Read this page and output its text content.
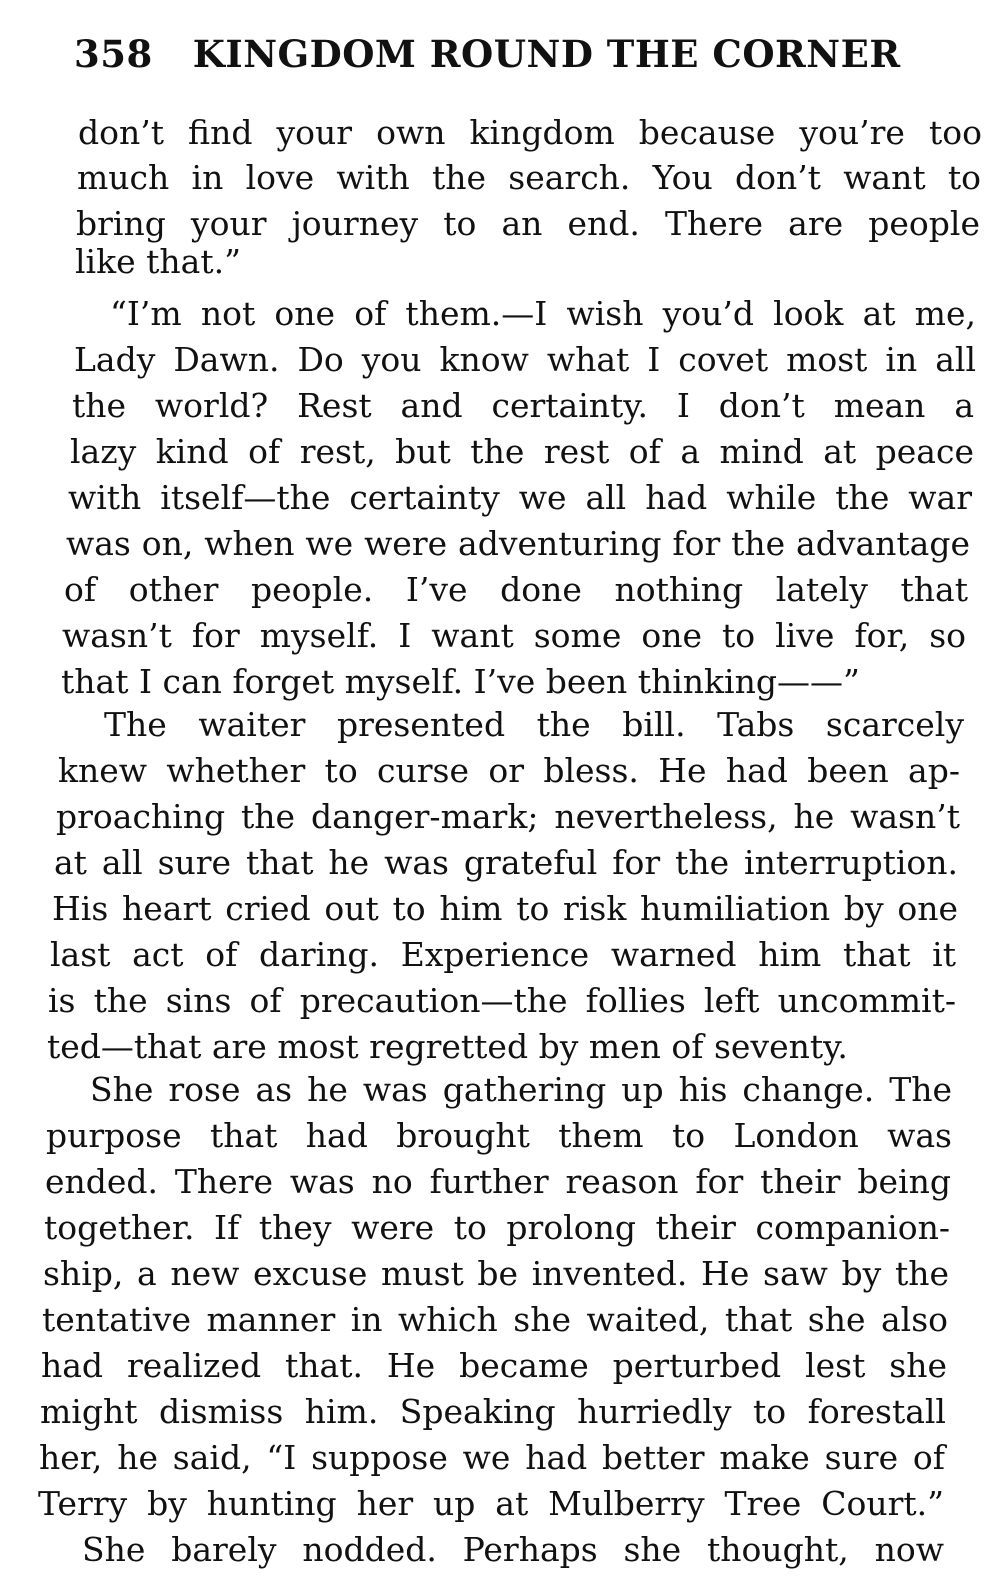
358 KINGDOM ROUND THE CORNER
don’t find your own kingdom because you’re too
much in love with the search. You don’t want to
bring your journey to an end. There are people
like that.”
“I’m not one of them.—I wish you’d look at me,
Lady Dawn. Do you know what I covet most in all
the world? Rest and certainty. I don’t mean a
lazy kind of rest, but the rest of a mind at peace
with itself—the certainty we all had while the war
was on, when we were adventuring for the advantage
of other people. I’ve done nothing lately that
wasn’t for myself. I want some one to live for, so
that I can forget myself. I’ve been thinking——”
The waiter presented the bill. Tabs scarcely
knew whether to curse or bless. He had been ap-
proaching the danger-mark; nevertheless, he wasn’t
at all sure that he was grateful for the interruption.
His heart cried out to him to risk humiliation by one
last act of daring. Experience warned him that it
is the sins of precaution—the follies left uncommit-
ted—that are most regretted by men of seventy.
She rose as he was gathering up his change. The
purpose that had brought them to London was
ended. There was no further reason for their being
together. If they were to prolong their companion-
ship, a new excuse must be invented. He saw by the
tentative manner in which she waited, that she also
had realized that. He became perturbed lest she
might dismiss him. Speaking hurriedly to forestall
her, he said, “I suppose we had better make sure of
Terry by hunting her up at Mulberry Tree Court.”
She barely nodded. Perhaps she thought, now
